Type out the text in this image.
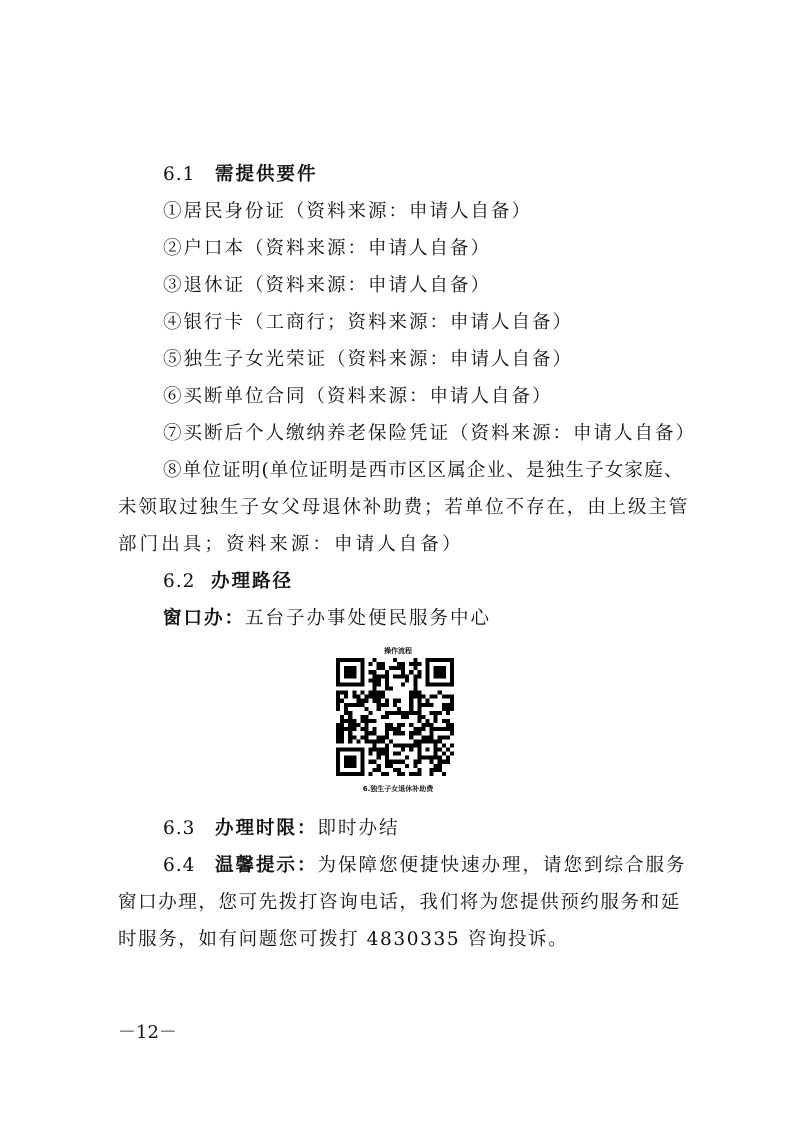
6.1 需提供要件
①居民身份证（资料来源：申请人自备）
②户口本（资料来源：申请人自备）
③退休证（资料来源：申请人自备）
④银行卡（工商行；资料来源：申请人自备）
⑤独生子女光荣证（资料来源：申请人自备）
⑥买断单位合同（资料来源：申请人自备）
⑦买断后个人缴纳养老保险凭证（资料来源：申请人自备）
⑧单位证明(单位证明是西市区区属企业、是独生子女家庭、
未领取过独生子女父母退休补助费；若单位不存在，由上级主管
部门出具；资料来源：申请人自备）
6.2 办理路径
窗口办：五台子办事处便民服务中心
操作流程
6.独生子女退休补助费
6.3 办理时限：即时办结
6.4 温馨提示：为保障您便捷快速办理，请您到综合服务
窗口办理，您可先拨打咨询电话，我们将为您提供预约服务和延
时服务，如有问题您可拨打 4830335 咨询投诉。
－12－
